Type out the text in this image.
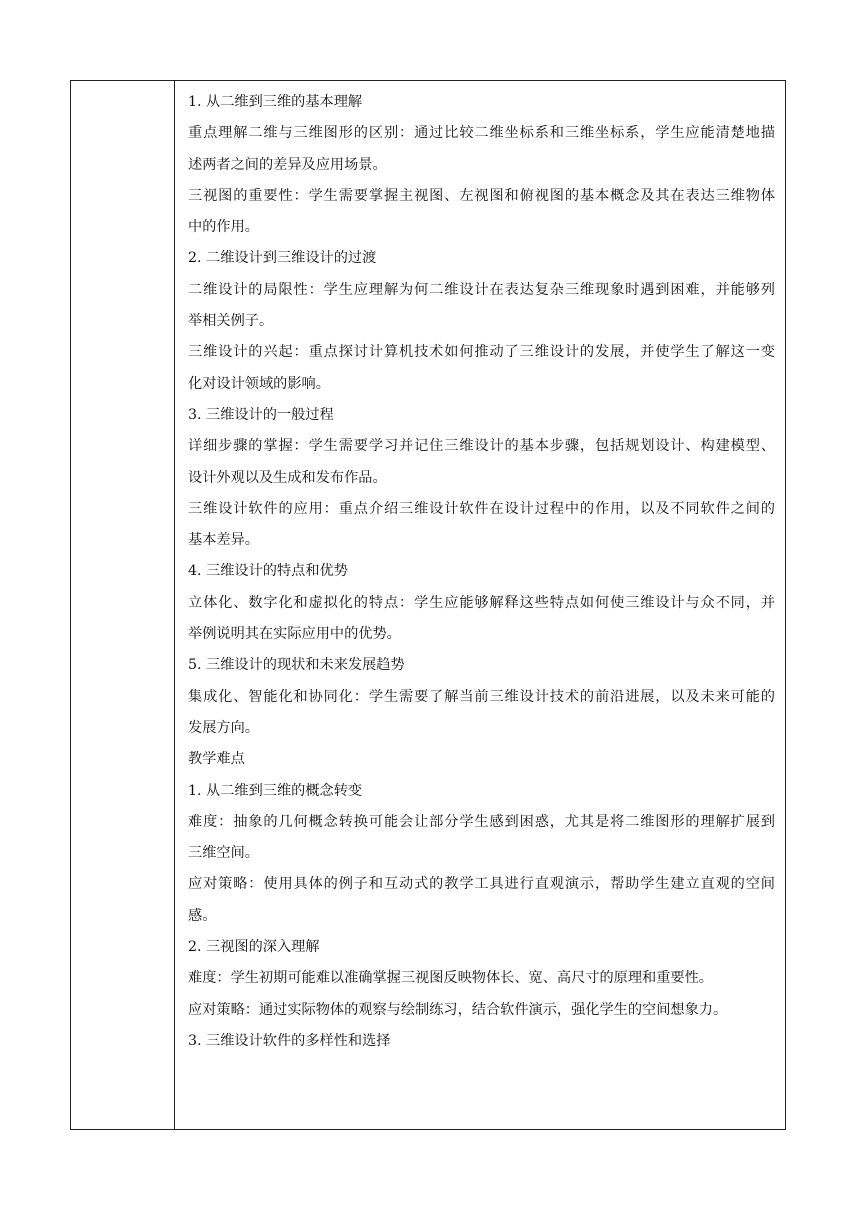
1. 从二维到三维的基本理解
重点理解二维与三维图形的区别：通过比较二维坐标系和三维坐标系，学生应能清楚地描
述两者之间的差异及应用场景。
三视图的重要性：学生需要掌握主视图、左视图和俯视图的基本概念及其在表达三维物体
中的作用。
2. 二维设计到三维设计的过渡
二维设计的局限性：学生应理解为何二维设计在表达复杂三维现象时遇到困难，并能够列
举相关例子。
三维设计的兴起：重点探讨计算机技术如何推动了三维设计的发展，并使学生了解这一变
化对设计领域的影响。
3. 三维设计的一般过程
详细步骤的掌握：学生需要学习并记住三维设计的基本步骤，包括规划设计、构建模型、
设计外观以及生成和发布作品。
三维设计软件的应用：重点介绍三维设计软件在设计过程中的作用，以及不同软件之间的
基本差异。
4. 三维设计的特点和优势
立体化、数字化和虚拟化的特点：学生应能够解释这些特点如何使三维设计与众不同，并
举例说明其在实际应用中的优势。
5. 三维设计的现状和未来发展趋势
集成化、智能化和协同化：学生需要了解当前三维设计技术的前沿进展，以及未来可能的
发展方向。
教学难点
1. 从二维到三维的概念转变
难度：抽象的几何概念转换可能会让部分学生感到困惑，尤其是将二维图形的理解扩展到
三维空间。
应对策略：使用具体的例子和互动式的教学工具进行直观演示，帮助学生建立直观的空间
感。
2. 三视图的深入理解
难度：学生初期可能难以准确掌握三视图反映物体长、宽、高尺寸的原理和重要性。
应对策略：通过实际物体的观察与绘制练习，结合软件演示，强化学生的空间想象力。
3. 三维设计软件的多样性和选择
